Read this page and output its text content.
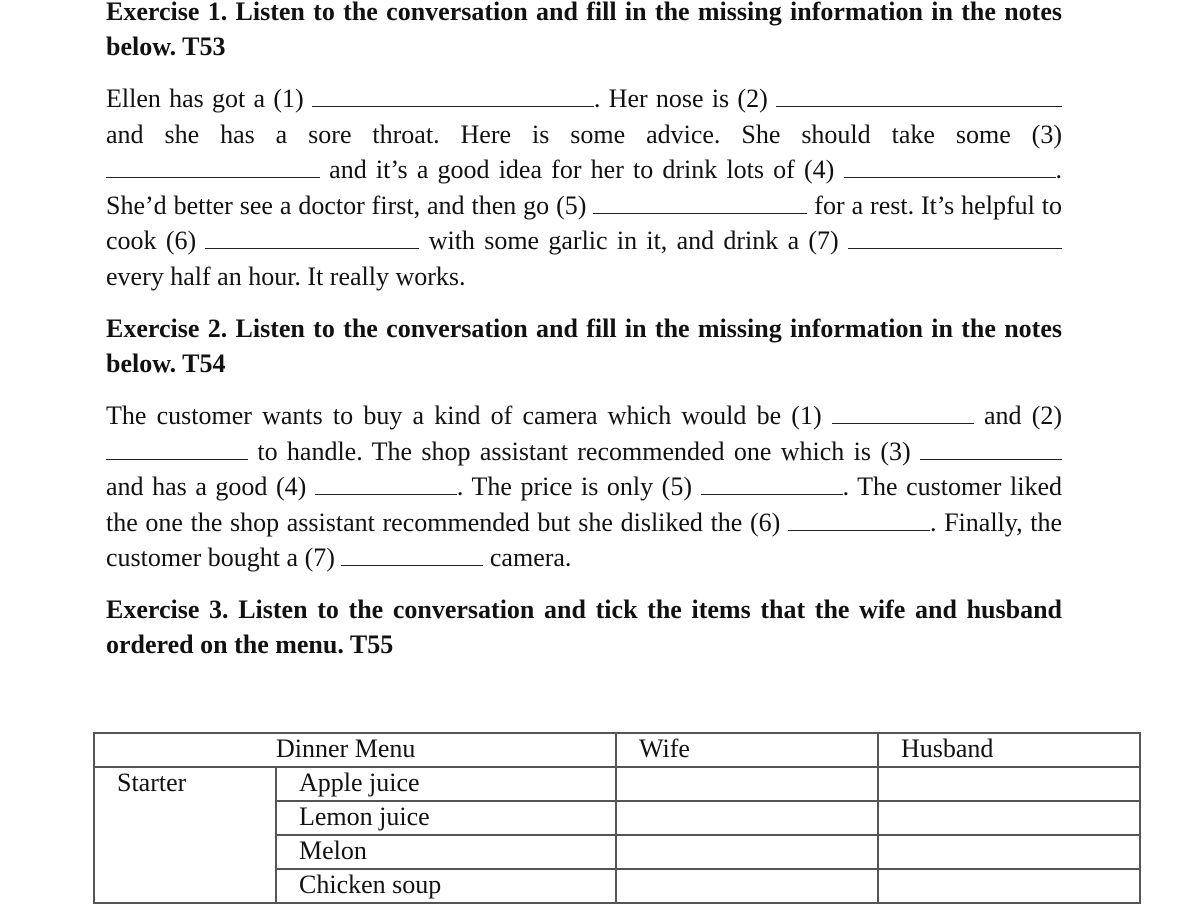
Exercise 1. Listen to the conversation and fill in the missing information in the notes below. T53

Ellen has got a (1)	. Her nose is (2)  and she has a sore throat. Here is some advice. She should take some (3)  and it’s a good idea for her to drink lots of (4)	. She’d better see a doctor first, and then go (5)	for a rest. It’s helpful to cook (6)	with some garlic in it, and drink a (7)  every half an hour. It really works.

Exercise 2. Listen to the conversation and fill in the missing information in the notes below. T54

The customer wants to buy a kind of camera which would be (1)	and (2)  to handle. The shop assistant recommended one which is (3)  and has a good (4)	. The price is only (5)	. The customer liked the one the shop assistant recommended but she disliked the (6)	. Finally, the customer bought a (7)	camera.

Exercise 3. Listen to the conversation and tick the items that the wife and husband ordered on the menu. T55

	Dinner Menu	Wife	Husband
Starter	Apple juice		
	Lemon juice		
	Melon		
	Chicken soup		
